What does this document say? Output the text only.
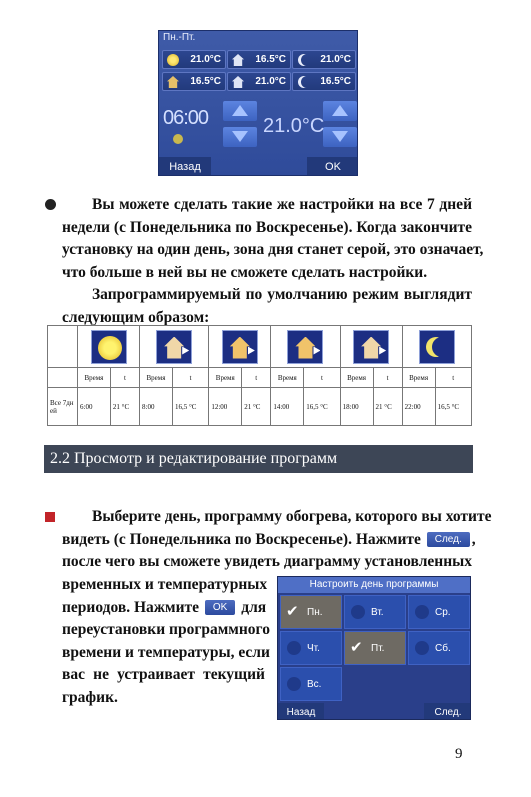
Пн.-Пт.
21.0°C	16.5°C	21.0°C
16.5°C	21.0°C	16.5°C
06:00	21.0°C
Назад	OK
Вы можете сделать такие же настройки на все 7 дней
недели (с Понедельника по Воскресенье). Когда закончите
установку на один день, зона дня станет серой, это означает,
что больше в ней вы не сможете сделать настройки.
Запрограммируемый по умолчанию режим выглядит
следующим образом:

	Время	t	Время	t	Время	t	Время	t	Время	t	Время	t
Все 7дн ей	6:00	21 °C	8:00	16,5 °C	12:00	21 °C	14:00	16,5 °C	18:00	21 °C	22:00	16,5 °C
2.2 Просмотр и редактирование программ
Выберите день, программу обогрева, которого вы хотите
видеть (с Понедельника по Воскресенье). Нажмите След. ,
после чего вы сможете увидеть диаграмму установленных
временных и температурных
периодов. Нажмите OK для
переустановки программного
времени и температуры, если
вас не устраивает текущий
график.
Настроить день программы
✔ Пн.	Вт.	Ср.
Чт. ✔ Пт.	Сб.
Вс.
Назад	След.
9
